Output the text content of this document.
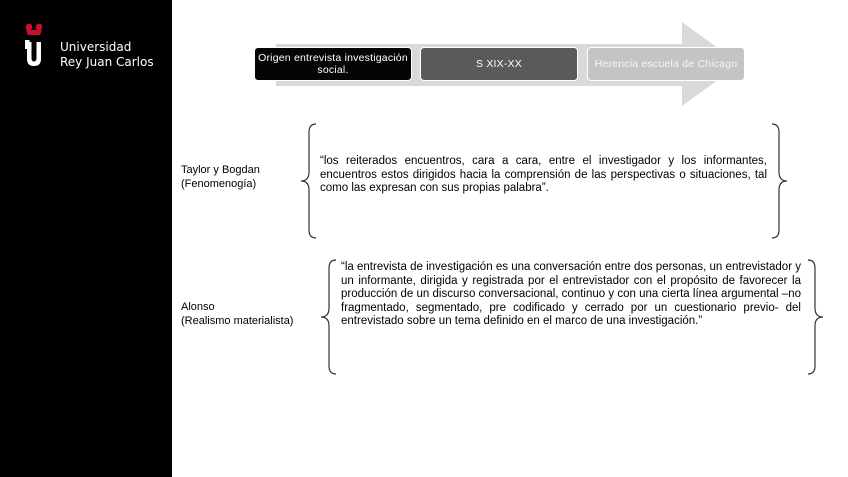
Universidad
Rey Juan Carlos	Origen entrevista investigación social.	S XIX-XX	Herencia escuela de Chicago
Taylor y Bogdan
(Fenomenogía)
“los reiterados encuentros, cara a cara, entre el investigador y los informantes, encuentros estos dirigidos hacia la comprensión de las perspectivas o situaciones, tal como las expresan con sus propias palabra”.
Alonso
(Realismo materialista)
“la entrevista de investigación es una conversación entre dos personas, un entrevistador y un informante, dirigida y registrada por el entrevistador con el propósito de favorecer la producción de un discurso conversacional, continuo y con una cierta línea argumental –no fragmentado, segmentado, pre codificado y cerrado por un cuestionario previo- del entrevistado sobre un tema definido en el marco de una investigación.”
